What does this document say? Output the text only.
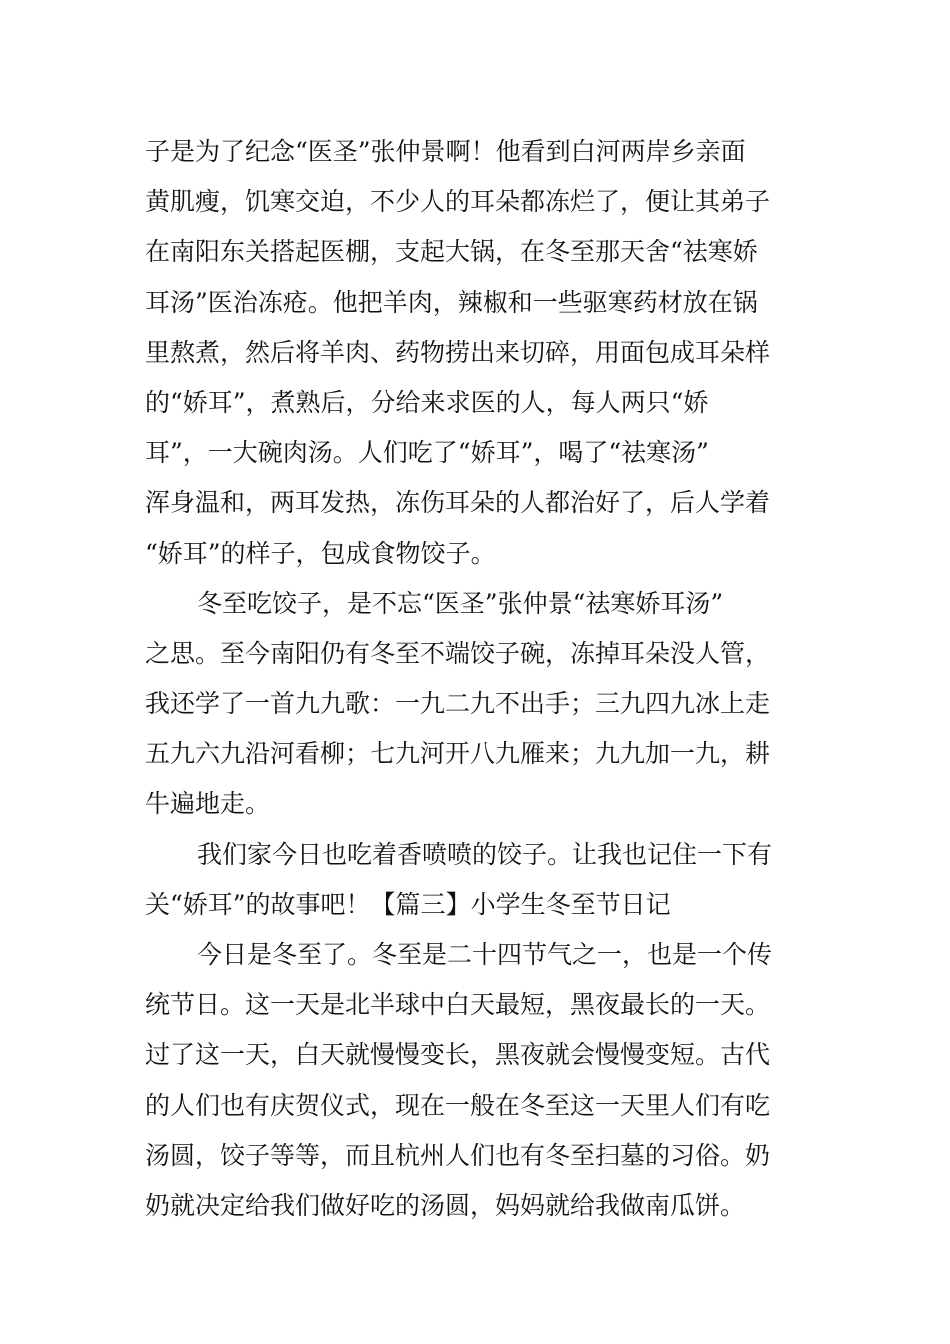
子是为了纪念“医圣”张仲景啊！他看到白河两岸乡亲面
黄肌瘦，饥寒交迫，不少人的耳朵都冻烂了，便让其弟子
在南阳东关搭起医棚，支起大锅，在冬至那天舍“祛寒娇
耳汤”医治冻疮。他把羊肉，辣椒和一些驱寒药材放在锅
里熬煮，然后将羊肉、药物捞出来切碎，用面包成耳朵样
的“娇耳”，煮熟后，分给来求医的人，每人两只“娇
耳”，一大碗肉汤。人们吃了“娇耳”，喝了“祛寒汤”
浑身温和，两耳发热，冻伤耳朵的人都治好了，后人学着
“娇耳”的样子，包成食物饺子。
冬至吃饺子，是不忘“医圣”张仲景“祛寒娇耳汤”
之思。至今南阳仍有冬至不端饺子碗，冻掉耳朵没人管，
我还学了一首九九歌：一九二九不出手；三九四九冰上走
五九六九沿河看柳；七九河开八九雁来；九九加一九，耕
牛遍地走。
我们家今日也吃着香喷喷的饺子。让我也记住一下有
关“娇耳”的故事吧！【篇三】小学生冬至节日记
今日是冬至了。冬至是二十四节气之一，也是一个传
统节日。这一天是北半球中白天最短，黑夜最长的一天。
过了这一天，白天就慢慢变长，黑夜就会慢慢变短。古代
的人们也有庆贺仪式，现在一般在冬至这一天里人们有吃
汤圆，饺子等等，而且杭州人们也有冬至扫墓的习俗。奶
奶就决定给我们做好吃的汤圆，妈妈就给我做南瓜饼。
